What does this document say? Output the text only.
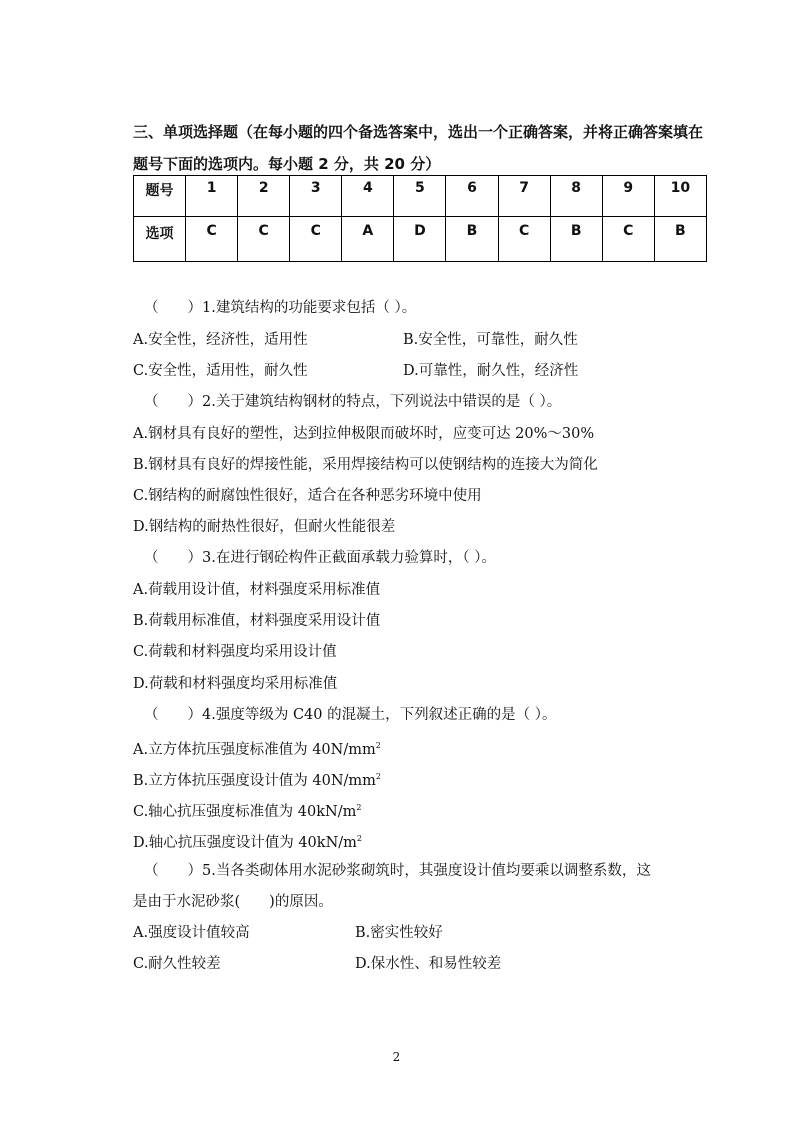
三、单项选择题（在每小题的四个备选答案中，选出一个正确答案，并将正确答案填在题号下面的选项内。每小题 2 分，共 20 分）

题号	1	2	3	4	5	6	7	8	9	10
选项	C	C	C	A	D	B	C	B	C	B

（　　）1.建筑结构的功能要求包括（ ）。

A.安全性，经济性，适用性	B.安全性，可靠性，耐久性

C.安全性，适用性，耐久性	D.可靠性，耐久性，经济性

（　　）2.关于建筑结构钢材的特点，下列说法中错误的是（ ）。

A.钢材具有良好的塑性，达到拉伸极限而破坏时，应变可达 20%～30%

B.钢材具有良好的焊接性能，采用焊接结构可以使钢结构的连接大为简化

C.钢结构的耐腐蚀性很好，适合在各种恶劣环境中使用

D.钢结构的耐热性很好，但耐火性能很差

（　　）3.在进行钢砼构件正截面承载力验算时，（ ）。

A.荷载用设计值，材料强度采用标准值

B.荷载用标准值，材料强度采用设计值

C.荷载和材料强度均采用设计值

D.荷载和材料强度均采用标准值

（　　）4.强度等级为 C40 的混凝土，下列叙述正确的是（ ）。

A.立方体抗压强度标准值为 $40N/mm^2$

B.立方体抗压强度设计值为 $40N/mm^2$

C.轴心抗压强度标准值为 $40kN/m^2$

D.轴心抗压强度设计值为 $40kN/m^2$

（　　）5.当各类砌体用水泥砂浆砌筑时，其强度设计值均要乘以调整系数，这

是由于水泥砂浆(　　)的原因。

A.强度设计值较高	B.密实性较好

C.耐久性较差	D.保水性、和易性较差

2
